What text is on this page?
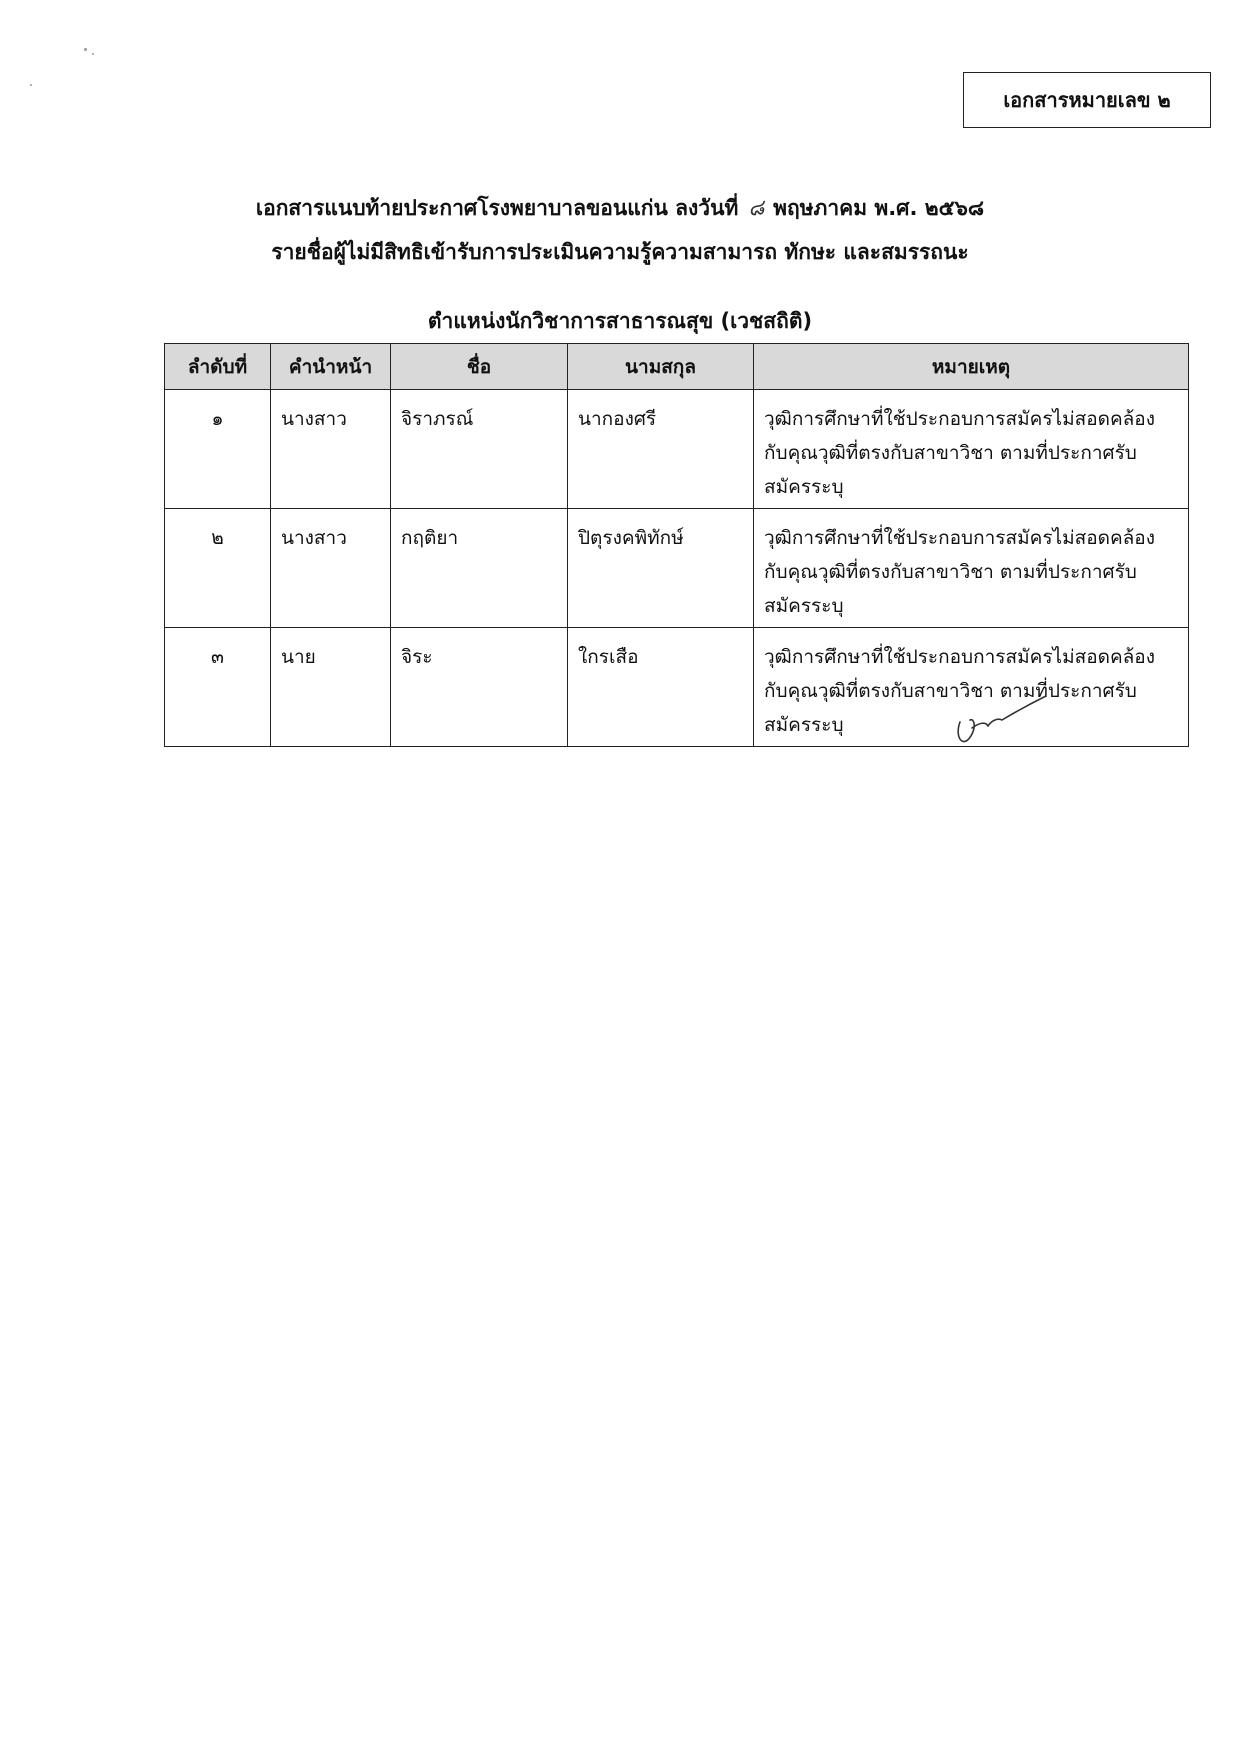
เอกสารหมายเลข ๒
เอกสารแนบท้ายประกาศโรงพยาบาลขอนแก่น ลงวันที่ ๘ พฤษภาคม พ.ศ. ๒๕๖๘
รายชื่อผู้ไม่มีสิทธิเข้ารับการประเมินความรู้ความสามารถ ทักษะ และสมรรถนะ
ตำแหน่งนักวิชาการสาธารณสุข (เวชสถิติ)
ลำดับที่	คำนำหน้า	ชื่อ	นามสกุล	หมายเหตุ
๑	นางสาว	จิราภรณ์	นากองศรี	วุฒิการศึกษาที่ใช้ประกอบการสมัครไม่สอดคล้องกับคุณวุฒิที่ตรงกับสาขาวิชา ตามที่ประกาศรับสมัครระบุ
๒	นางสาว	กฤติยา	ปิตุรงคพิทักษ์	วุฒิการศึกษาที่ใช้ประกอบการสมัครไม่สอดคล้องกับคุณวุฒิที่ตรงกับสาขาวิชา ตามที่ประกาศรับสมัครระบุ
๓	นาย	จิระ	ใกรเสือ	วุฒิการศึกษาที่ใช้ประกอบการสมัครไม่สอดคล้องกับคุณวุฒิที่ตรงกับสาขาวิชา ตามที่ประกาศรับสมัครระบุ
